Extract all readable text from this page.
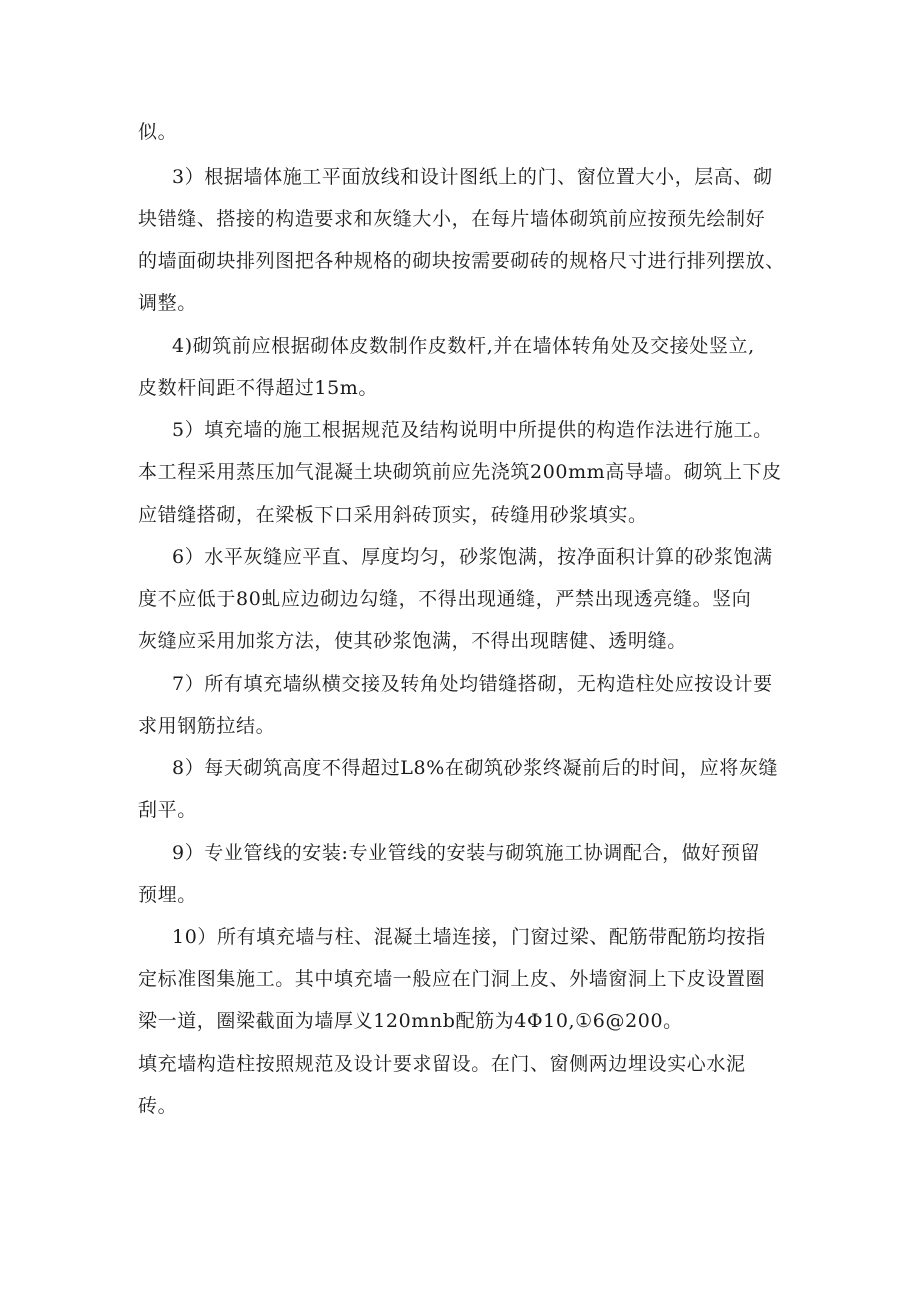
似。
3）根据墙体施工平面放线和设计图纸上的门、窗位置大小，层高、砌
块错缝、搭接的构造要求和灰缝大小，在每片墙体砌筑前应按预先绘制好
的墙面砌块排列图把各种规格的砌块按需要砌砖的规格尺寸进行排列摆放、
调整。
4)砌筑前应根据砌体皮数制作皮数杆,并在墙体转角处及交接处竖立,
皮数杆间距不得超过15m。
5）填充墙的施工根据规范及结构说明中所提供的构造作法进行施工。
本工程采用蒸压加气混凝土块砌筑前应先浇筑200mm高导墙。砌筑上下皮
应错缝搭砌，在梁板下口采用斜砖顶实，砖缝用砂浆填实。
6）水平灰缝应平直、厚度均匀，砂浆饱满，按净面积计算的砂浆饱满
度不应低于80虬应边砌边勾缝，不得出现通缝，严禁出现透亮缝。竖向
灰缝应采用加浆方法，使其砂浆饱满，不得出现瞎健、透明缝。
7）所有填充墙纵横交接及转角处均错缝搭砌，无构造柱处应按设计要
求用钢筋拉结。
8）每天砌筑高度不得超过L8%在砌筑砂浆终凝前后的时间，应将灰缝
刮平。
9）专业管线的安装:专业管线的安装与砌筑施工协调配合，做好预留
预埋。
10）所有填充墙与柱、混凝土墙连接，门窗过梁、配筋带配筋均按指
定标准图集施工。其中填充墙一般应在门洞上皮、外墙窗洞上下皮设置圈
梁一道，圈梁截面为墙厚义120mnb配筋为4Φ10,①6@200。
填充墙构造柱按照规范及设计要求留设。在门、窗侧两边埋设实心水泥
砖。
